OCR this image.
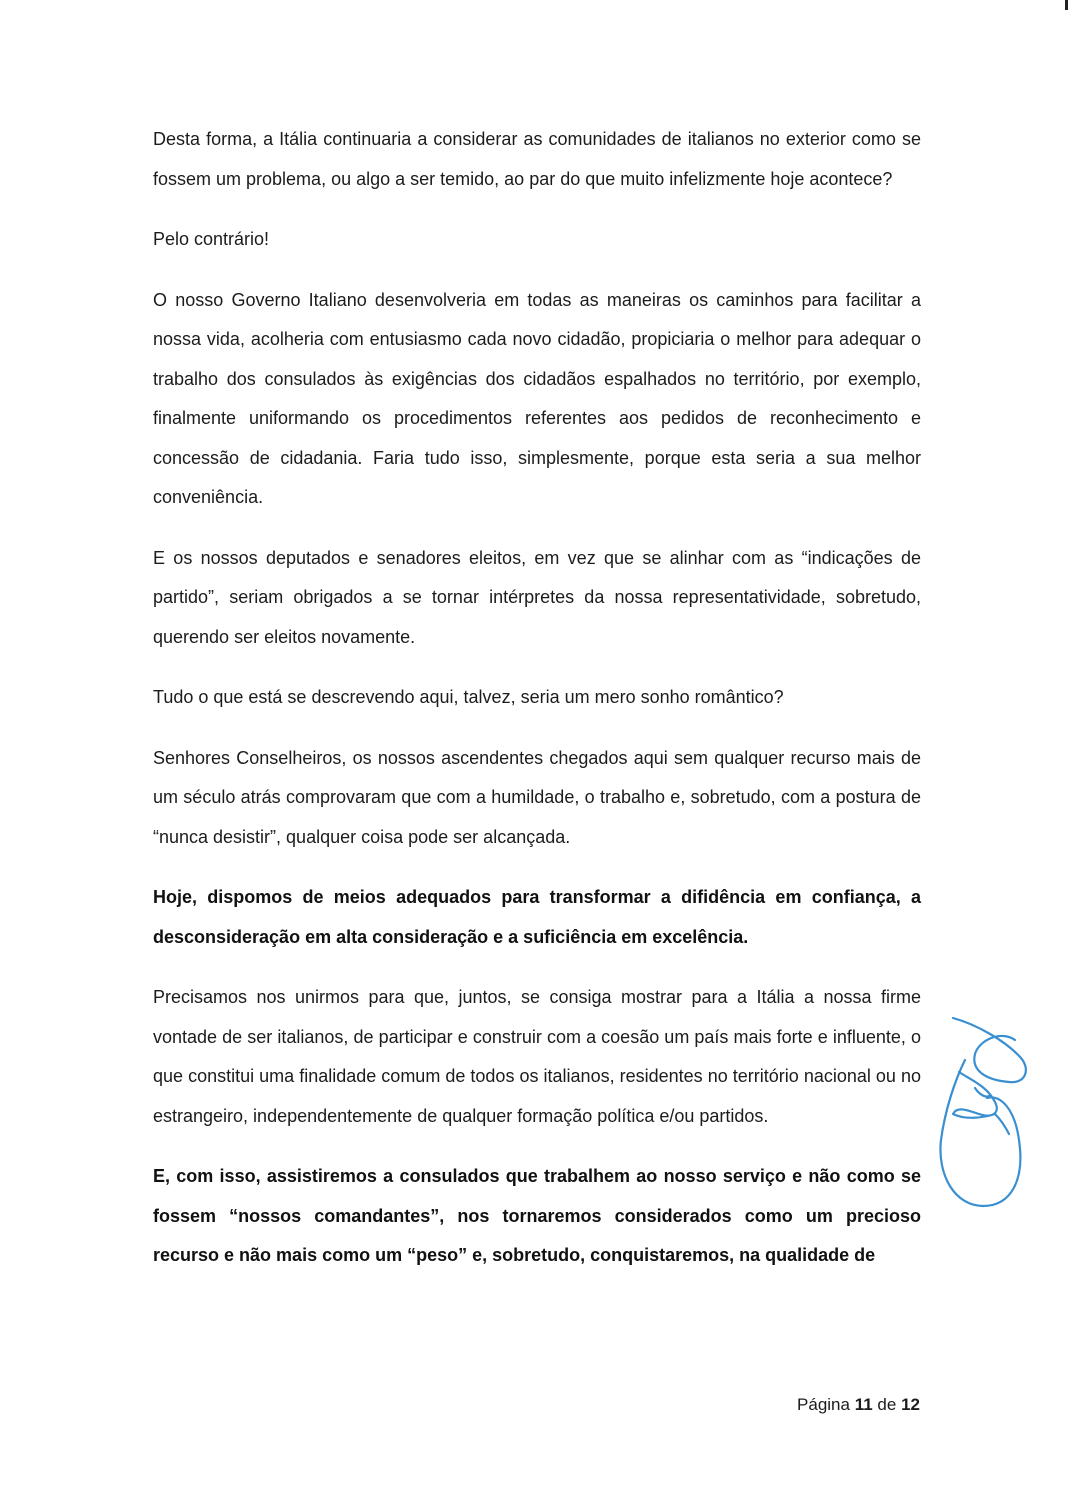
Desta forma, a Itália continuaria a considerar as comunidades de italianos no exterior como se fossem um problema, ou algo a ser temido, ao par do que muito infelizmente hoje acontece?

Pelo contrário!

O nosso Governo Italiano desenvolveria em todas as maneiras os caminhos para facilitar a nossa vida, acolheria com entusiasmo cada novo cidadão, propiciaria o melhor para adequar o trabalho dos consulados às exigências dos cidadãos espalhados no território, por exemplo, finalmente uniformando os procedimentos referentes aos pedidos de reconhecimento e concessão de cidadania. Faria tudo isso, simplesmente, porque esta seria a sua melhor conveniência.

E os nossos deputados e senadores eleitos, em vez que se alinhar com as “indicações de partido”, seriam obrigados a se tornar intérpretes da nossa representatividade, sobretudo, querendo ser eleitos novamente.

Tudo o que está se descrevendo aqui, talvez, seria um mero sonho romântico?

Senhores Conselheiros, os nossos ascendentes chegados aqui sem qualquer recurso mais de um século atrás comprovaram que com a humildade, o trabalho e, sobretudo, com a postura de “nunca desistir”, qualquer coisa pode ser alcançada.

Hoje, dispomos de meios adequados para transformar a difidência em confiança, a desconsideração em alta consideração e a suficiência em excelência.

Precisamos nos unirmos para que, juntos, se consiga mostrar para a Itália a nossa firme vontade de ser italianos, de participar e construir com a coesão um país mais forte e influente, o que constitui uma finalidade comum de todos os italianos, residentes no território nacional ou no estrangeiro, independentemente de qualquer formação política e/ou partidos.

E, com isso, assistiremos a consulados que trabalhem ao nosso serviço e não como se fossem “nossos comandantes”, nos tornaremos considerados como um precioso recurso e não mais como um “peso” e, sobretudo, conquistaremos, na qualidade de

Página 11 de 12
